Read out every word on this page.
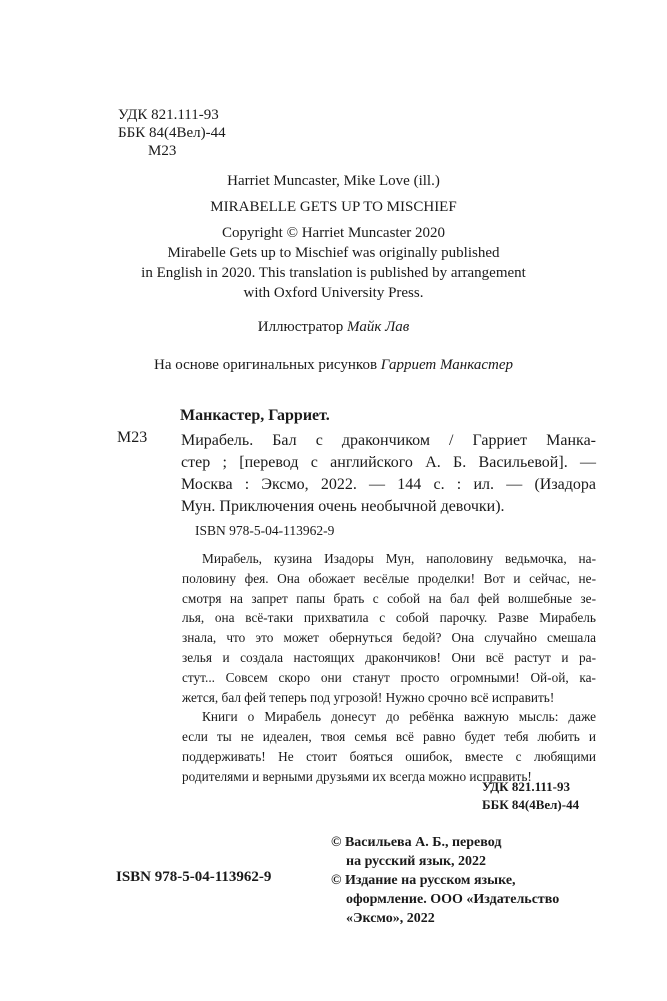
УДК 821.111-93
ББК 84(4Вел)-44
М23
Harriet Muncaster, Mike Love (ill.)
MIRABELLE GETS UP TO MISCHIEF
Copyright © Harriet Muncaster 2020
Mirabelle Gets up to Mischief was originally published
in English in 2020. This translation is published by arrangement
with Oxford University Press.
Иллюстратор Майк Лав
На основе оригинальных рисунков Гарриет Манкастер
Манкастер, Гарриет.
М23 Мирабель. Бал с дракончиком / Гарриет Манка-
стер ; [перевод с английского А. Б. Васильевой]. —
Москва : Эксмо, 2022. — 144 с. : ил. — (Изадора
Мун. Приключения очень необычной девочки).
ISBN 978-5-04-113962-9
Мирабель, кузина Изадоры Мун, наполовину ведьмочка, на-
половину фея. Она обожает весёлые проделки! Вот и сейчас, не-
смотря на запрет папы брать с собой на бал фей волшебные зе-
лья, она всё-таки прихватила с собой парочку. Разве Мирабель
знала, что это может обернуться бедой? Она случайно смешала
зелья и создала настоящих дракончиков! Они всё растут и ра-
стут... Совсем скоро они станут просто огромными! Ой-ой, ка-
жется, бал фей теперь под угрозой! Нужно срочно всё исправить!
Книги о Мирабель донесут до ребёнка важную мысль: даже
если ты не идеален, твоя семья всё равно будет тебя любить и
поддерживать! Не стоит бояться ошибок, вместе с любящими
родителями и верными друзьями их всегда можно исправить!
УДК 821.111-93
ББК 84(4Вел)-44
© Васильева А. Б., перевод
на русский язык, 2022
© Издание на русском языке,
оформление. ООО «Издательство
«Эксмо», 2022
ISBN 978-5-04-113962-9
